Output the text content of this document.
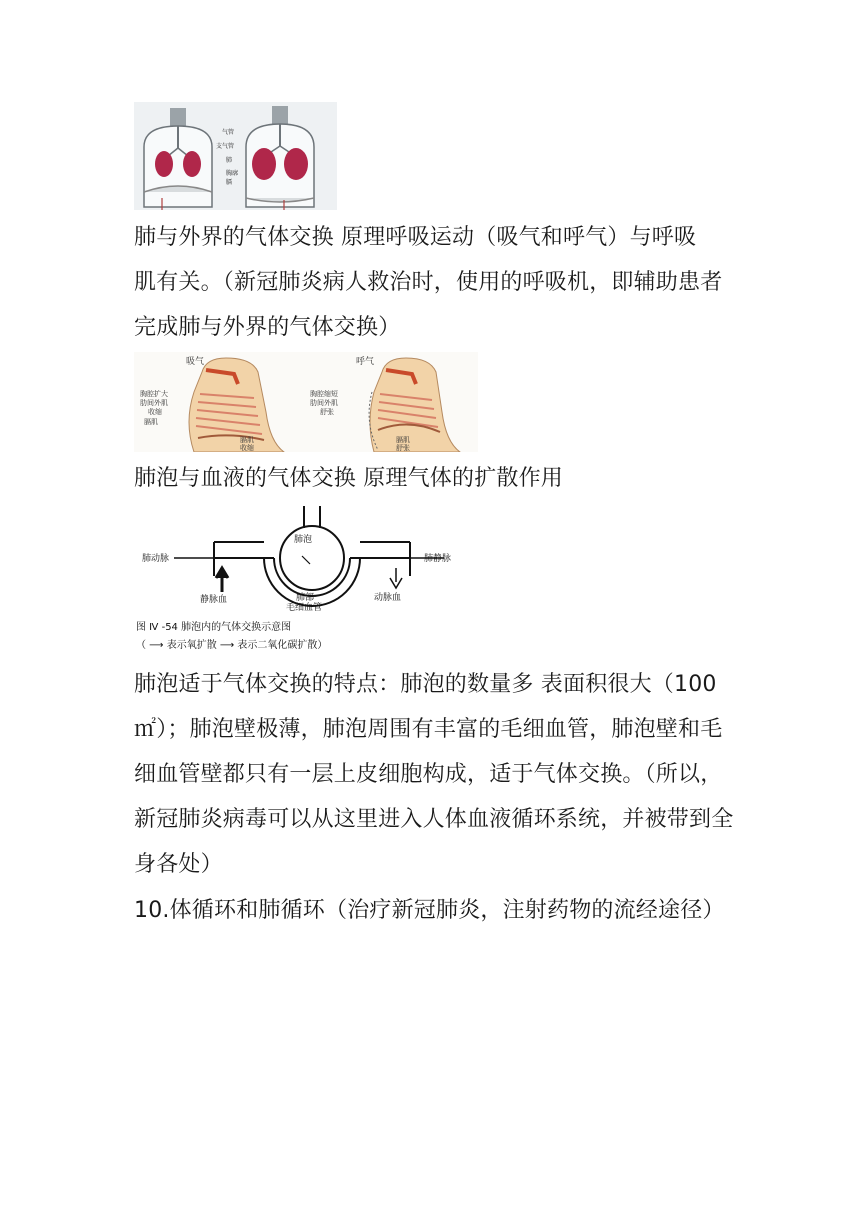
气管
支气管
肺
胸廓
膈
肺与外界的气体交换 原理呼吸运动（吸气和呼气）与呼吸
肌有关。（新冠肺炎病人救治时，使用的呼吸机，即辅助患者
完成肺与外界的气体交换）
吸气
胸腔扩大
肋间外肌
收缩
膈肌
膈肌
收缩
呼气
胸腔缩短
肋间外肌
舒张
膈肌
舒张
肺泡与血液的气体交换 原理气体的扩散作用
肺泡
肺动脉	肺静脉
静脉血	肺部
毛细血管
动脉血
图 Ⅳ -54 肺泡内的气体交换示意图
（ ⟶ 表示氧扩散 ⟶ 表示二氧化碳扩散）
肺泡适于气体交换的特点：肺泡的数量多 表面积很大（100
㎡）；肺泡壁极薄，肺泡周围有丰富的毛细血管，肺泡壁和毛
细血管壁都只有一层上皮细胞构成，适于气体交换。（所以，
新冠肺炎病毒可以从这里进入人体血液循环系统，并被带到全
身各处）
10.体循环和肺循环（治疗新冠肺炎，注射药物的流经途径）
